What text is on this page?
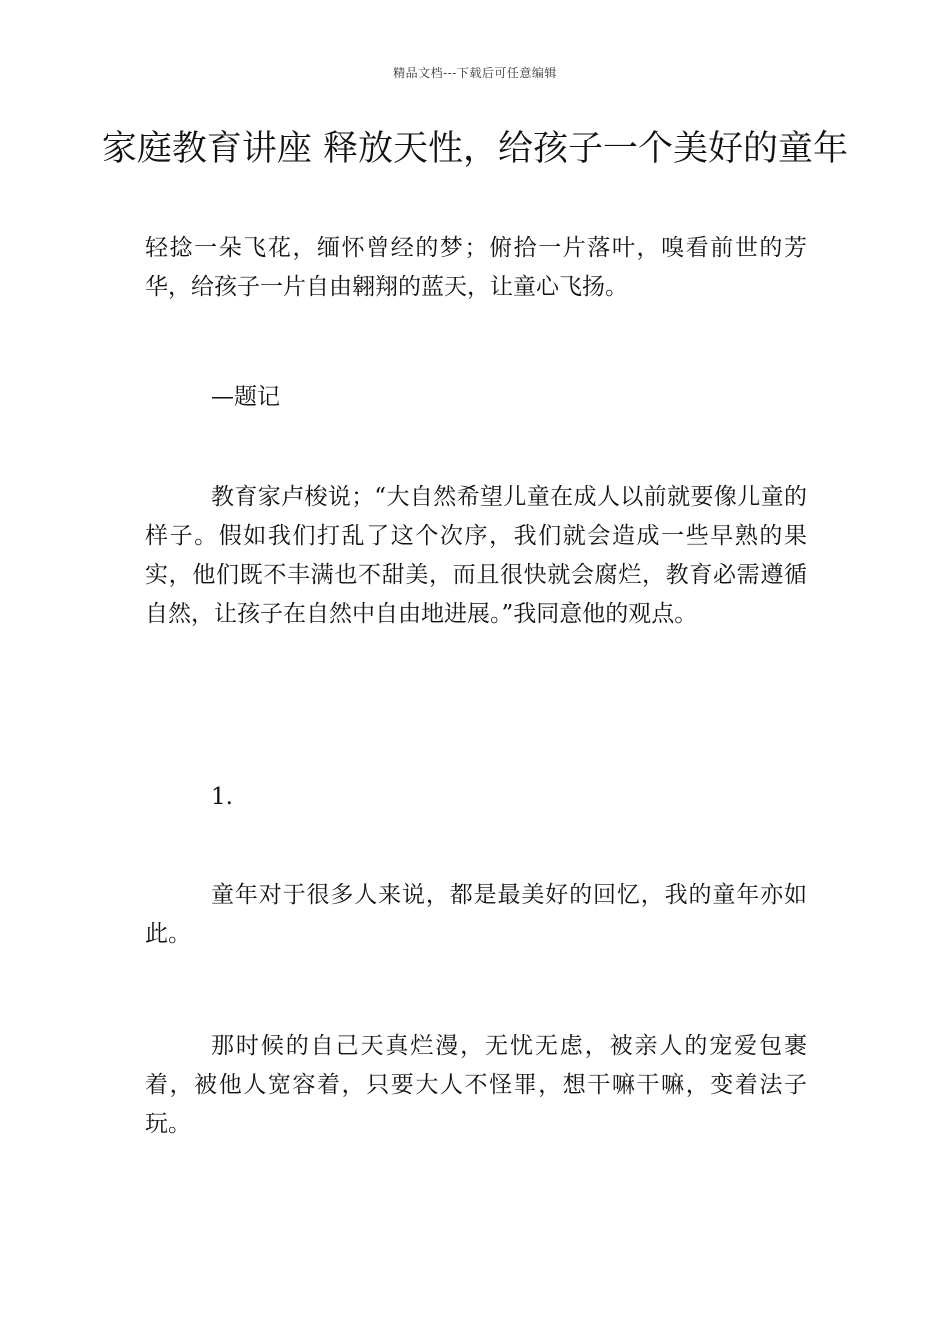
精品文档---下载后可任意编辑
家庭教育讲座 释放天性，给孩子一个美好的童年

轻捻一朵飞花，缅怀曾经的梦；俯拾一片落叶，嗅看前世的芳华，给孩子一片自由翱翔的蓝天，让童心飞扬。

—题记

教育家卢梭说；“大自然希望儿童在成人以前就要像儿童的样子。假如我们打乱了这个次序，我们就会造成一些早熟的果实，他们既不丰满也不甜美，而且很快就会腐烂，教育必需遵循自然，让孩子在自然中自由地进展。”我同意他的观点。

1.

童年对于很多人来说，都是最美好的回忆，我的童年亦如此。

那时候的自己天真烂漫，无忧无虑，被亲人的宠爱包裹着，被他人宽容着，只要大人不怪罪，想干嘛干嘛，变着法子玩。
